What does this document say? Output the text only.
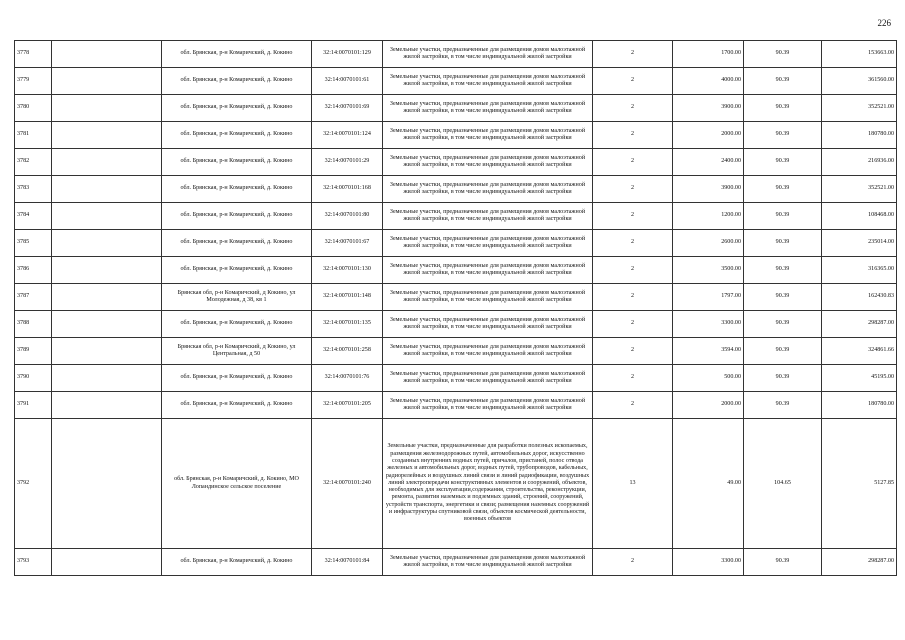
226
3778		обл. Брянская, р-н Комаричский, д. Кокино	32:14:0070101:129	Земельные участки, предназначенные для размещения домов малоэтажной жилой застройки, в том числе индивидуальной жилой застройки	2	1700.00	90.39	153663.00
3779		обл. Брянская, р-н Комаричский, д. Кокино	32:14:0070101:61	Земельные участки, предназначенные для размещения домов малоэтажной жилой застройки, в том числе индивидуальной жилой застройки	2	4000.00	90.39	361560.00
3780		обл. Брянская, р-н Комаричский, д. Кокино	32:14:0070101:69	Земельные участки, предназначенные для размещения домов малоэтажной жилой застройки, в том числе индивидуальной жилой застройки	2	3900.00	90.39	352521.00
3781		обл. Брянская, р-н Комаричский, д. Кокино	32:14:0070101:124	Земельные участки, предназначенные для размещения домов малоэтажной жилой застройки, в том числе индивидуальной жилой застройки	2	2000.00	90.39	180780.00
3782		обл. Брянская, р-н Комаричский, д. Кокино	32:14:0070101:29	Земельные участки, предназначенные для размещения домов малоэтажной жилой застройки, в том числе индивидуальной жилой застройки	2	2400.00	90.39	216936.00
3783		обл. Брянская, р-н Комаричский, д. Кокино	32:14:0070101:168	Земельные участки, предназначенные для размещения домов малоэтажной жилой застройки, в том числе индивидуальной жилой застройки	2	3900.00	90.39	352521.00
3784		обл. Брянская, р-н Комаричский, д. Кокино	32:14:0070101:80	Земельные участки, предназначенные для размещения домов малоэтажной жилой застройки, в том числе индивидуальной жилой застройки	2	1200.00	90.39	108468.00
3785		обл. Брянская, р-н Комаричский, д. Кокино	32:14:0070101:67	Земельные участки, предназначенные для размещения домов малоэтажной жилой застройки, в том числе индивидуальной жилой застройки	2	2600.00	90.39	235014.00
3786		обл. Брянская, р-н Комаричский, д. Кокино	32:14:0070101:130	Земельные участки, предназначенные для размещения домов малоэтажной жилой застройки, в том числе индивидуальной жилой застройки	2	3500.00	90.39	316365.00
3787		Брянская обл, р-н Комаричский, д Кокино, ул Молодежная, д 38, кв 1	32:14:0070101:148	Земельные участки, предназначенные для размещения домов малоэтажной жилой застройки, в том числе индивидуальной жилой застройки	2	1797.00	90.39	162430.83
3788		обл. Брянская, р-н Комаричский, д. Кокино	32:14:0070101:135	Земельные участки, предназначенные для размещения домов малоэтажной жилой застройки, в том числе индивидуальной жилой застройки	2	3300.00	90.39	298287.00
3789		Брянская обл, р-н Комаричский, д Кокино, ул Центральная, д 50	32:14:0070101:258	Земельные участки, предназначенные для размещения домов малоэтажной жилой застройки, в том числе индивидуальной жилой застройки	2	3594.00	90.39	324861.66
3790		обл. Брянская, р-н Комаричский, д. Кокино	32:14:0070101:76	Земельные участки, предназначенные для размещения домов малоэтажной жилой застройки, в том числе индивидуальной жилой застройки	2	500.00	90.39	45195.00
3791		обл. Брянская, р-н Комаричский, д. Кокино	32:14:0070101:205	Земельные участки, предназначенные для размещения домов малоэтажной жилой застройки, в том числе индивидуальной жилой застройки	2	2000.00	90.39	180780.00
3792		обл. Брянская, р-н Комаричский, д. Кокино, МО Лопандинское сельское поселение	32:14:0070101:240	Земельные участки, предназначенные для разработки полезных ископаемых, размещения железнодорожных путей, автомобильных дорог, искусственно созданных внутренних водных путей, причалов, пристаней, полос отвода железных и автомобильных дорог, водных путей, трубопроводов, кабельных, радиорелейных и воздушных линий связи и линий радиофикации, воздушных линий электропередачи конструктивных элементов и сооружений, объектов, необходимых для эксплуатации,содержания, строительства, реконструкции, ремонта, развития наземных и подземных зданий, строений, сооружений, устройств транспорта, энергетики и связи; размещения наземных сооружений и инфраструктуры спутниковой связи, объектов космической деятельности, военных объектов	13	49.00	104.65	5127.85
3793		обл. Брянская, р-н Комаричский, д. Кокино	32:14:0070101:84	Земельные участки, предназначенные для размещения домов малоэтажной жилой застройки, в том числе индивидуальной жилой застройки	2	3300.00	90.39	298287.00
